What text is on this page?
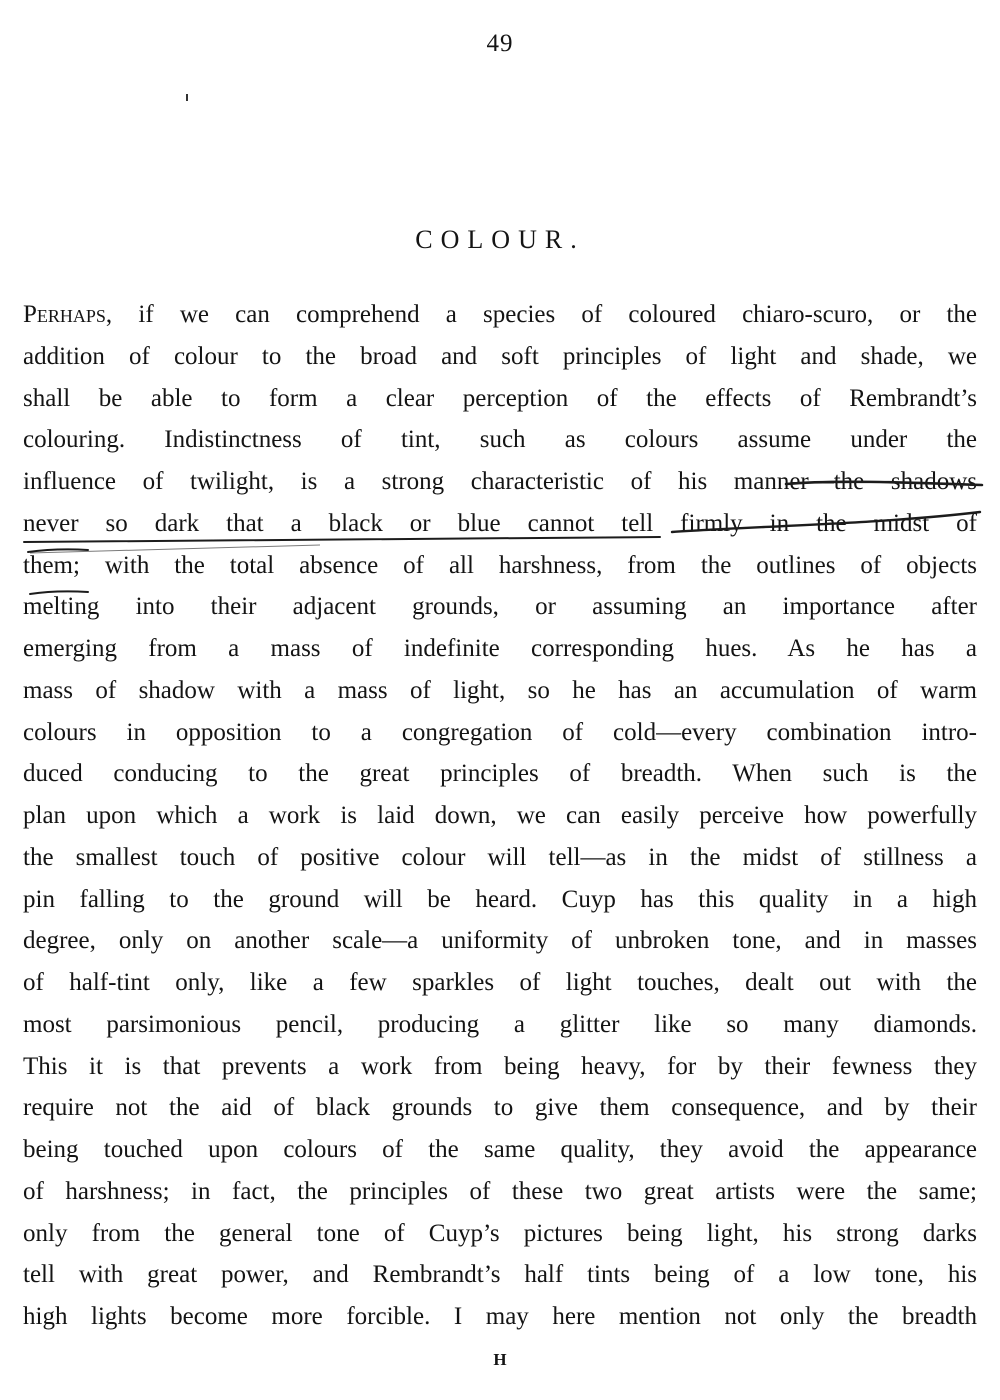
49
COLOUR.
Perhaps, if we can comprehend a species of coloured chiaro-scuro, or the
addition of colour to the broad and soft principles of light and shade, we
shall be able to form a clear perception of the effects of Rembrandt’s
colouring. Indistinctness of tint, such as colours assume under the
influence of twilight, is a strong characteristic of his manner—the shadows
never so dark that a black or blue cannot tell firmly in the midst of
them; with the total absence of all harshness, from the outlines of objects
melting into their adjacent grounds, or assuming an importance after
emerging from a mass of indefinite corresponding hues. As he has a
mass of shadow with a mass of light, so he has an accumulation of warm
colours in opposition to a congregation of cold—every combination intro-
duced conducing to the great principles of breadth. When such is the
plan upon which a work is laid down, we can easily perceive how powerfully
the smallest touch of positive colour will tell—as in the midst of stillness a
pin falling to the ground will be heard. Cuyp has this quality in a high
degree, only on another scale—a uniformity of unbroken tone, and in masses
of half-tint only, like a few sparkles of light touches, dealt out with the
most parsimonious pencil, producing a glitter like so many diamonds.
This it is that prevents a work from being heavy, for by their fewness they
require not the aid of black grounds to give them consequence, and by their
being touched upon colours of the same quality, they avoid the appearance
of harshness; in fact, the principles of these two great artists were the same;
only from the general tone of Cuyp’s pictures being light, his strong darks
tell with great power, and Rembrandt’s half tints being of a low tone, his
high lights become more forcible. I may here mention not only the breadth
H
